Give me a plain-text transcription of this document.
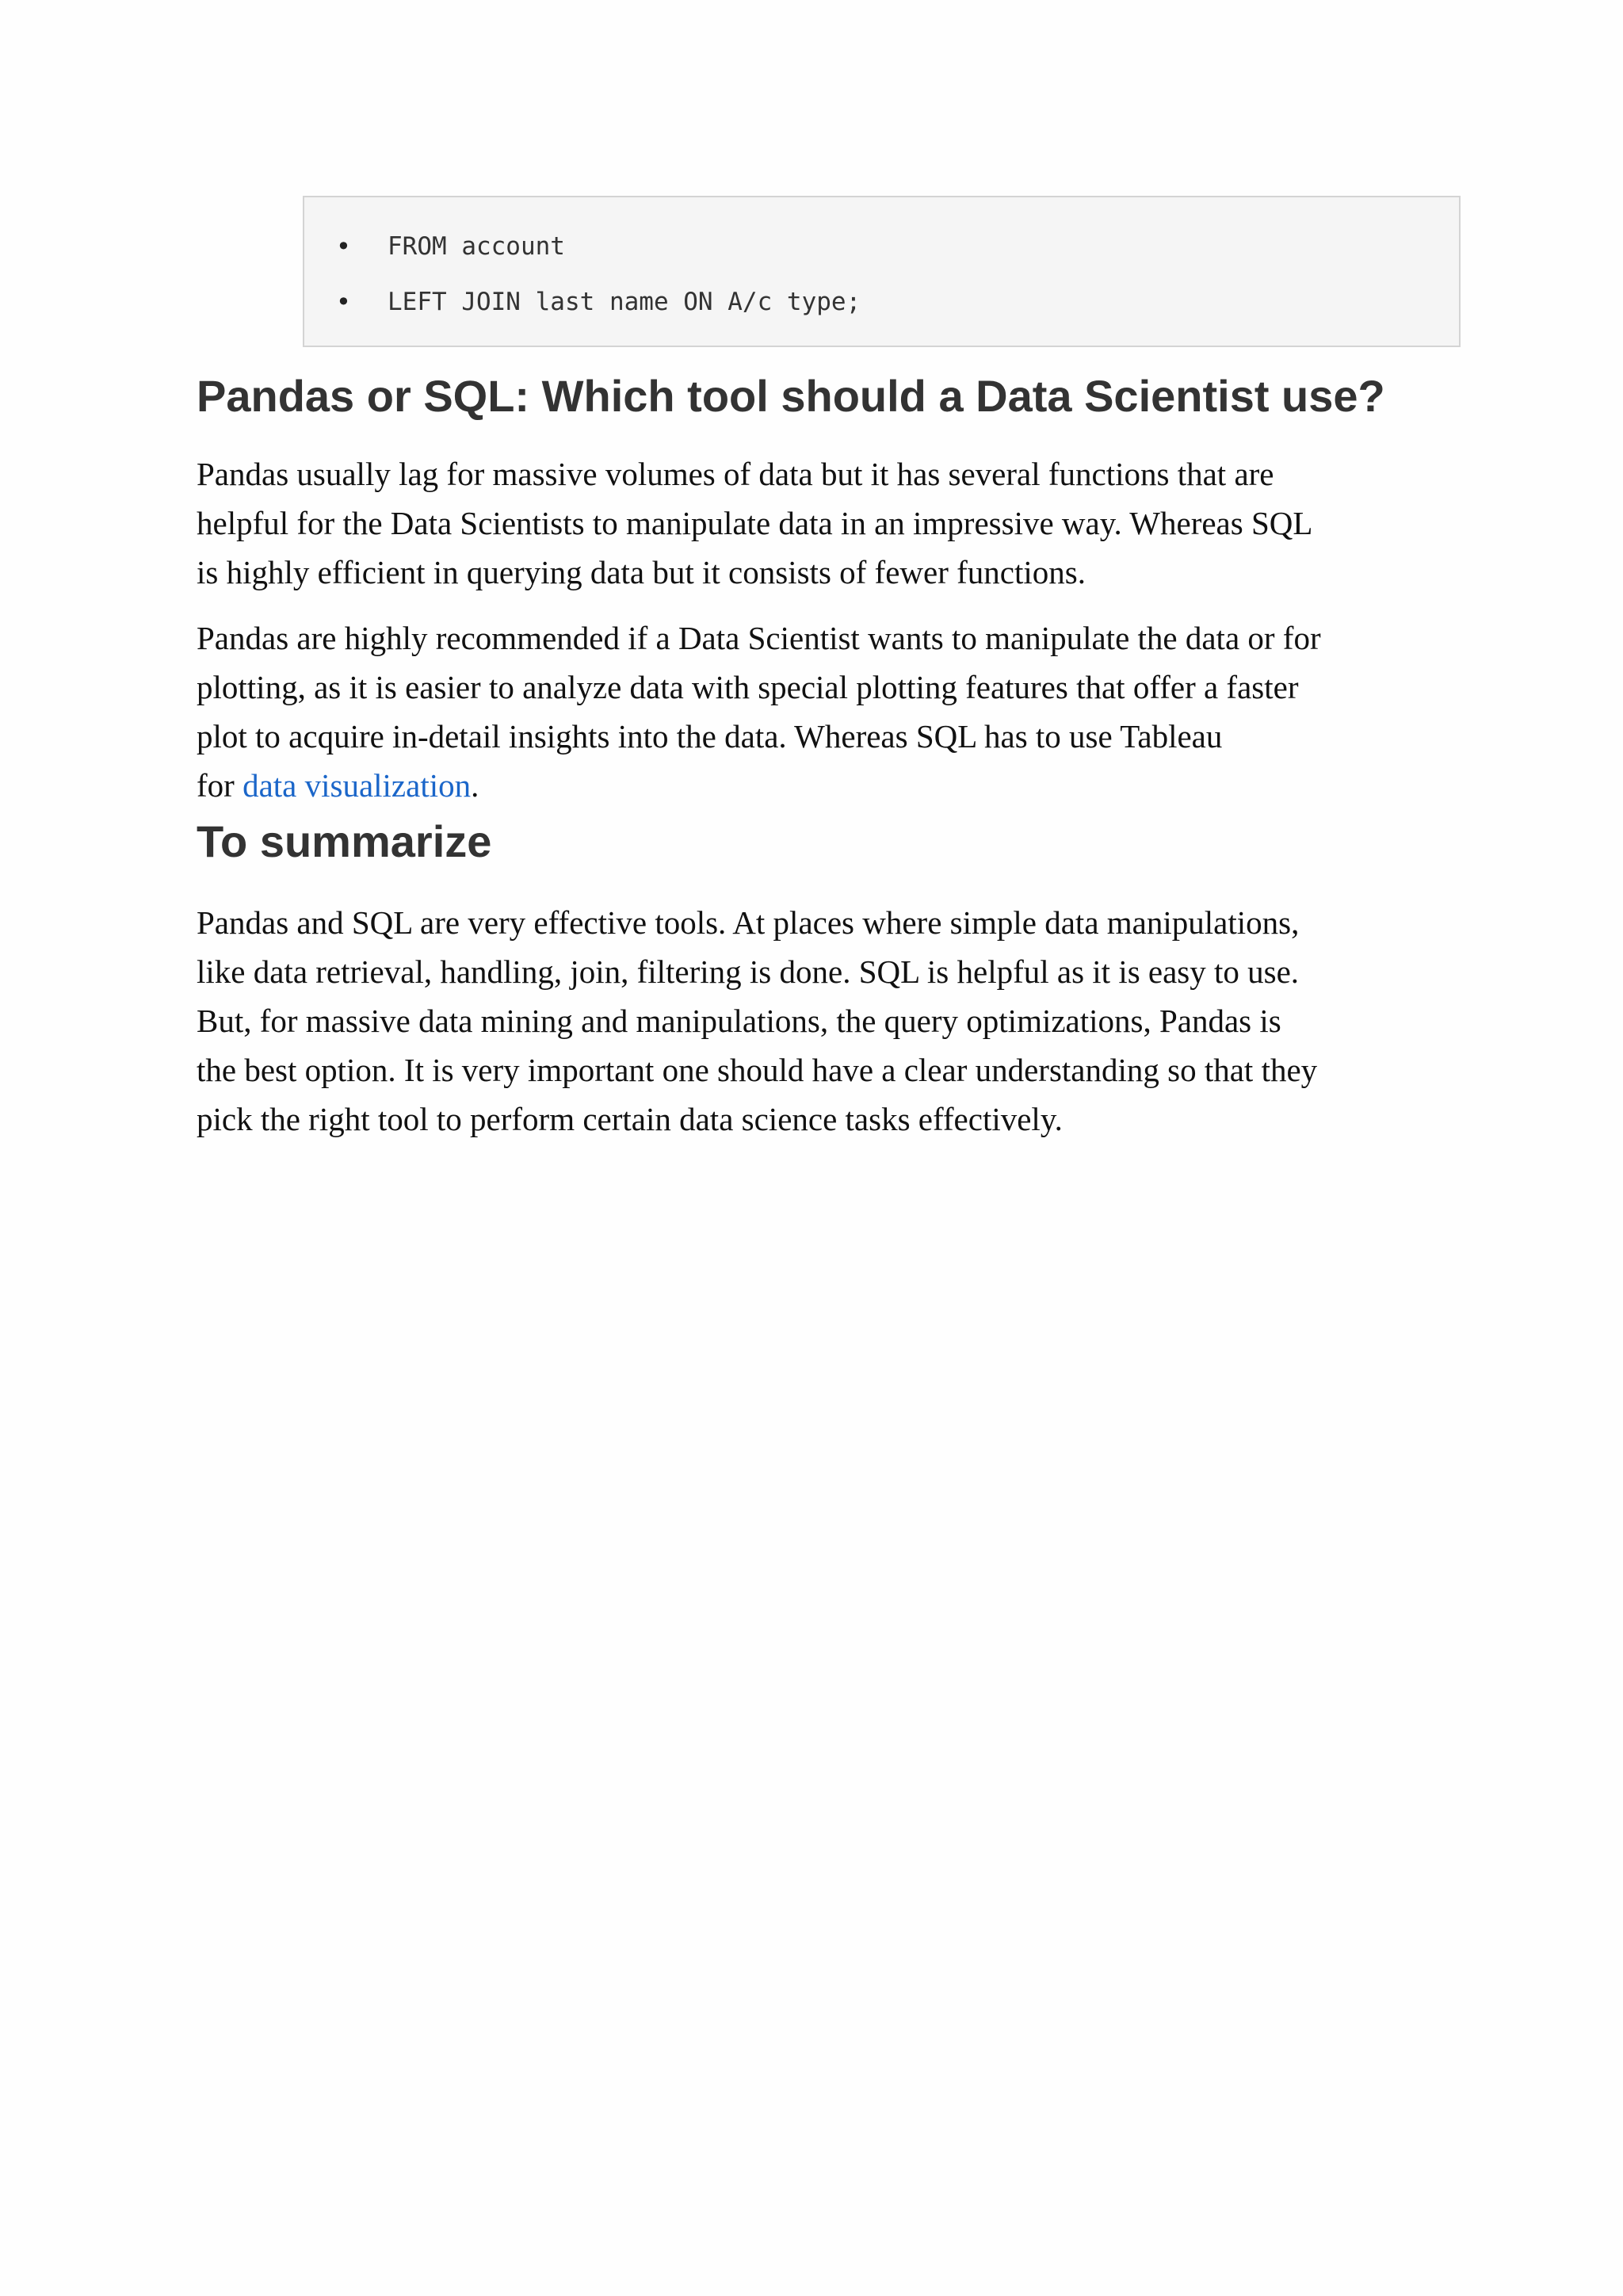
• FROM account
• LEFT JOIN last name ON A/c type;
Pandas or SQL: Which tool should a Data Scientist use?

Pandas usually lag for massive volumes of data but it has several functions that are
helpful for the Data Scientists to manipulate data in an impressive way. Whereas SQL
is highly efficient in querying data but it consists of fewer functions.

Pandas are highly recommended if a Data Scientist wants to manipulate the data or for
plotting, as it is easier to analyze data with special plotting features that offer a faster
plot to acquire in-detail insights into the data. Whereas SQL has to use Tableau
for data visualization.

To summarize

Pandas and SQL are very effective tools. At places where simple data manipulations,
like data retrieval, handling, join, filtering is done. SQL is helpful as it is easy to use.
But, for massive data mining and manipulations, the query optimizations, Pandas is
the best option. It is very important one should have a clear understanding so that they
pick the right tool to perform certain data science tasks effectively.
